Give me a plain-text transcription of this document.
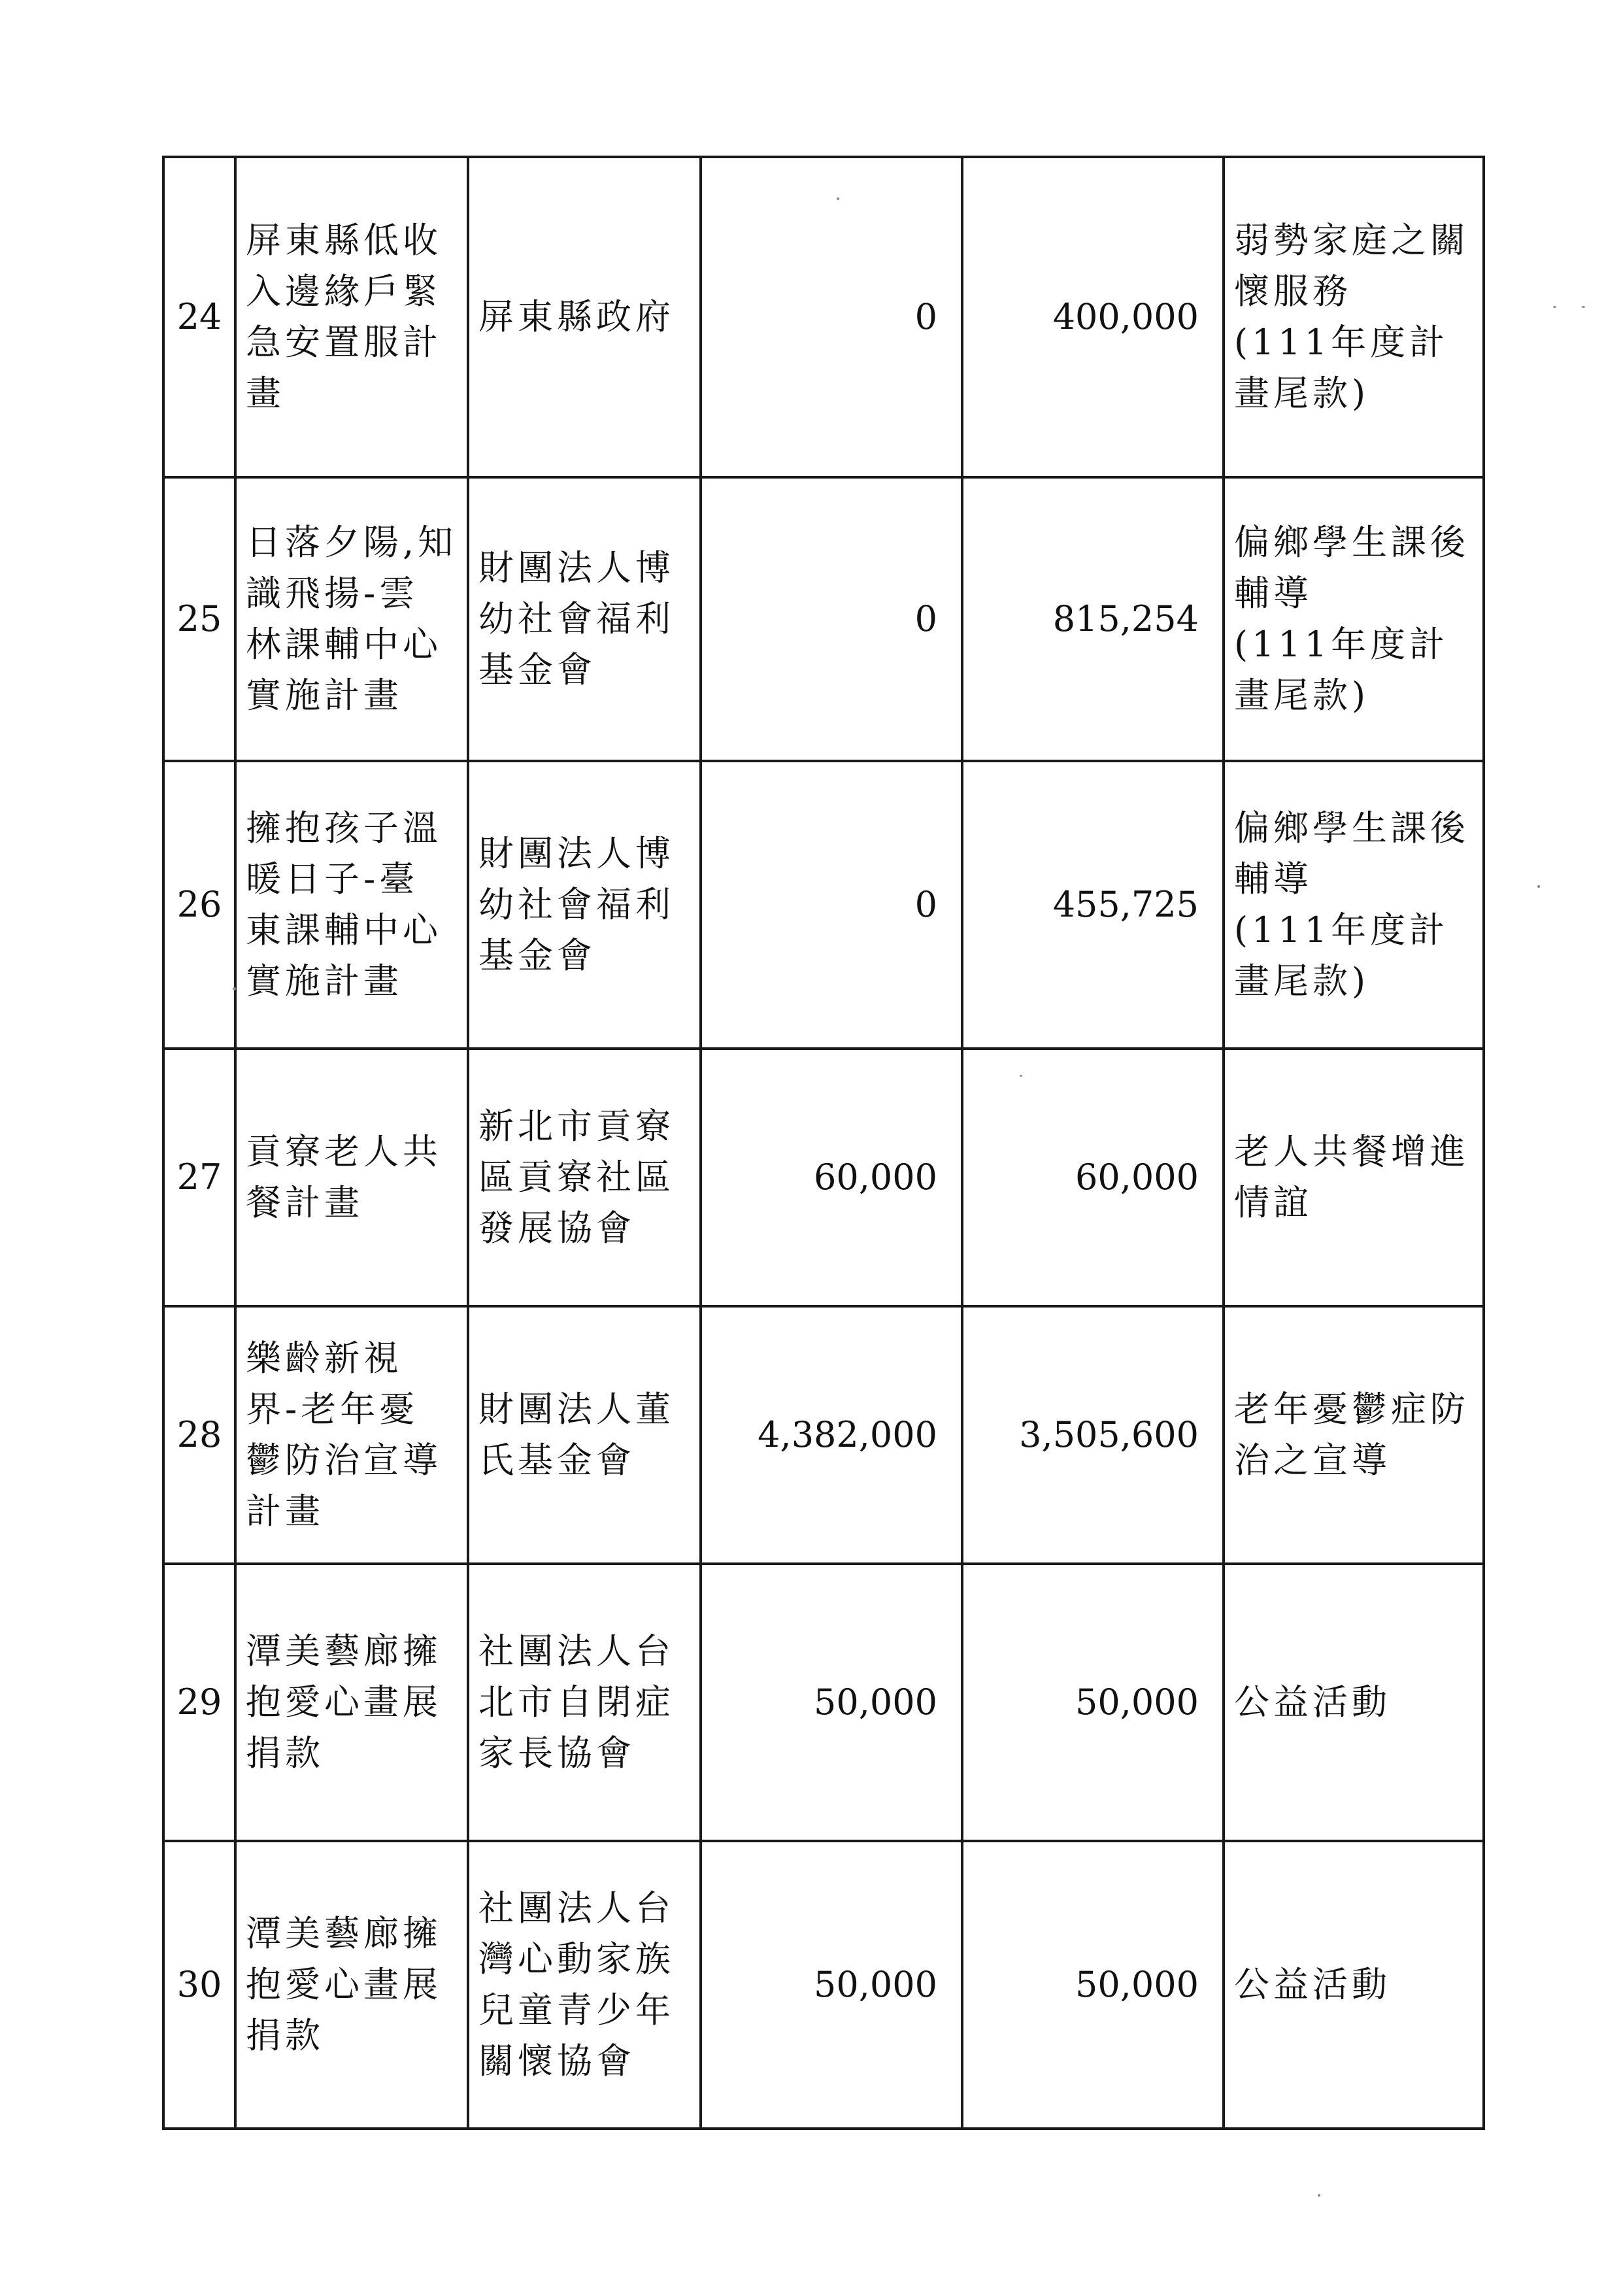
24	屏東縣低收入邊緣戶緊急安置服計畫	屏東縣政府	0	400,000	弱勢家庭之關懷服務
(111年度計畫尾款)

25	日落夕陽,知識飛揚-雲林課輔中心實施計畫	財團法人博幼社會福利基金會	0	815,254	偏鄉學生課後輔導
(111年度計畫尾款)

26	擁抱孩子溫暖日子-臺東課輔中心實施計畫	財團法人博幼社會福利基金會	0	455,725	偏鄉學生課後輔導
(111年度計畫尾款)

27	貢寮老人共餐計畫	新北市貢寮區貢寮社區發展協會	60,000	60,000	老人共餐增進情誼

28	樂齡新視界-老年憂鬱防治宣導計畫	財團法人董氏基金會	4,382,000	3,505,600	老年憂鬱症防治之宣導

29	潭美藝廊擁抱愛心畫展捐款	社團法人台北市自閉症家長協會	50,000	50,000	公益活動

30	潭美藝廊擁抱愛心畫展捐款	社團法人台灣心動家族兒童青少年關懷協會	50,000	50,000	公益活動
